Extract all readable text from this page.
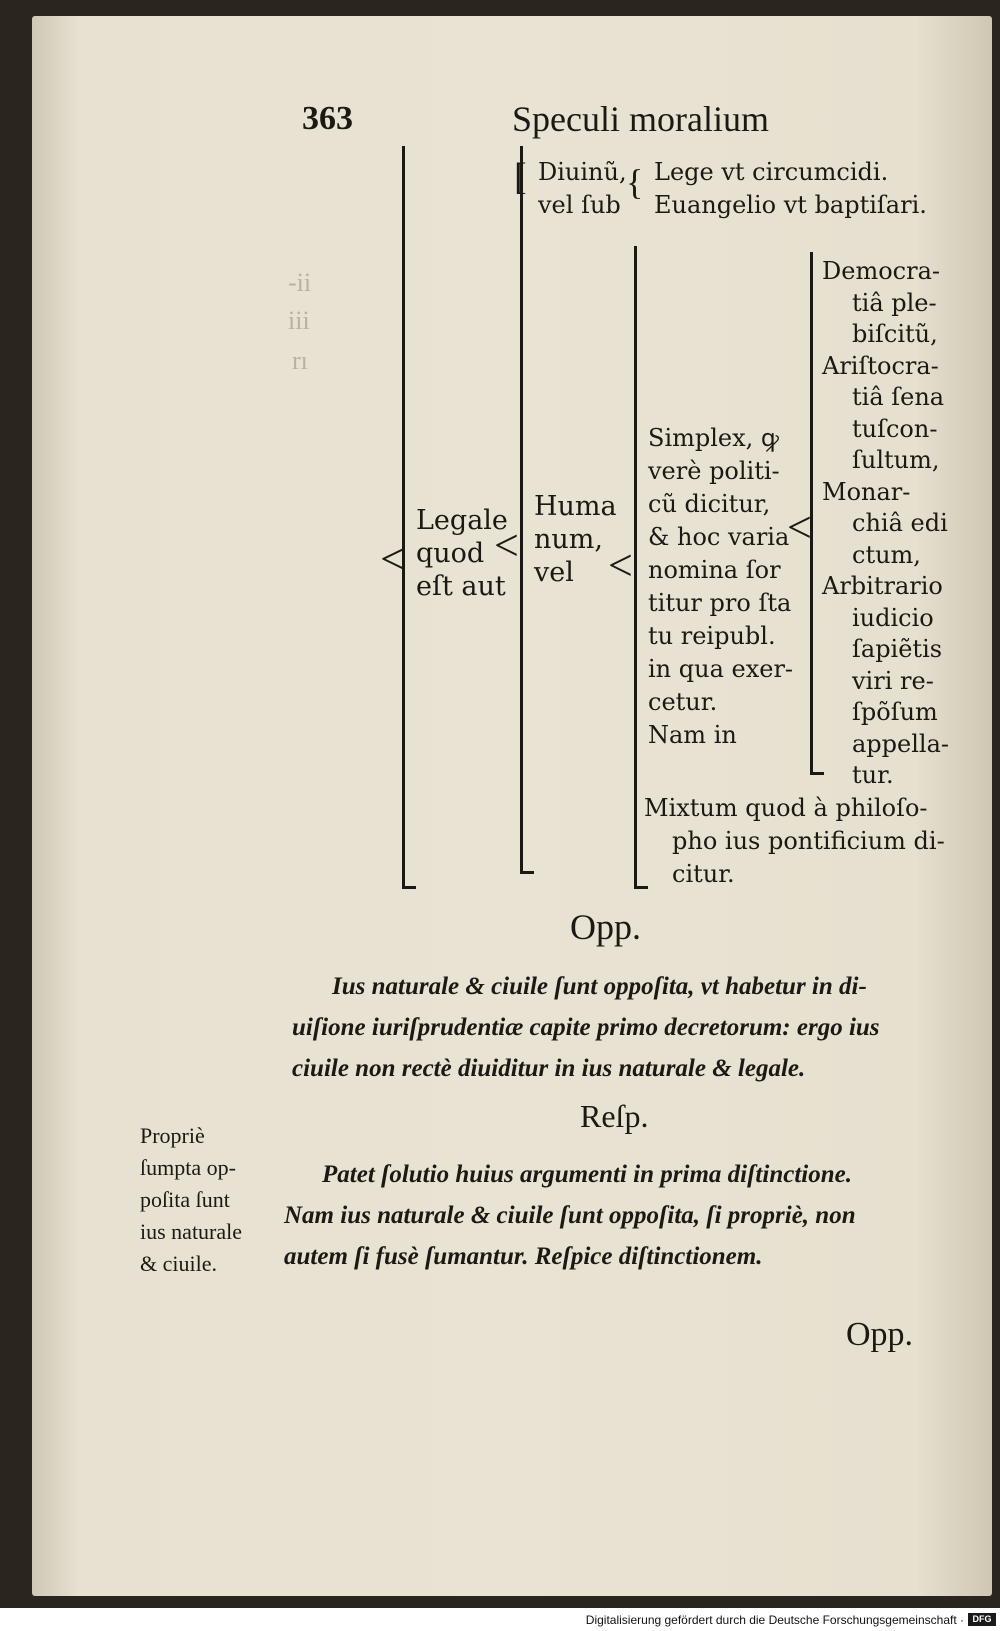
-ii
iii
rı
363	Speculi moralium
< < <
<
{
[
Legale
quod
eſt aut
Diuinũ,
vel ſub
Lege vt circumcidi.
Euangelio vt baptiſari.
Huma
num,
vel
Simplex, ꝙ
verè politi-
cũ dicitur,
& hoc varia
nomina ſor
titur pro ſta
tu reipubl.
in qua exer-
cetur.
Nam in
Democra-
tiâ ple-
biſcitũ,
Ariſtocra-
tiâ ſena
tuſcon-
ſultum,
Monar-
chiâ edi
ctum,
Arbitrario
iudicio
ſapiẽtis
viri re-
ſpõſum
appella-
tur.
Mixtum quod à philoſo-
pho ius pontificium di-
citur.
Opp.
Ius naturale & ciuile ſunt oppoſita, vt habetur in di-
uiſione iuriſprudentiæ capite primo decretorum: ergo ius
ciuile non rectè diuiditur in ius naturale & legale.
Reſp.
Patet ſolutio huius argumenti in prima diſtinctione.
Nam ius naturale & ciuile ſunt oppoſita, ſi propriè, non
autem ſi fusè ſumantur. Reſpice diſtinctionem.
Propriè
ſumpta op-
poſita ſunt
ius naturale
& ciuile.
Opp.
Digitalisierung gefördert durch die Deutsche Forschungsgemeinschaft · DFG
